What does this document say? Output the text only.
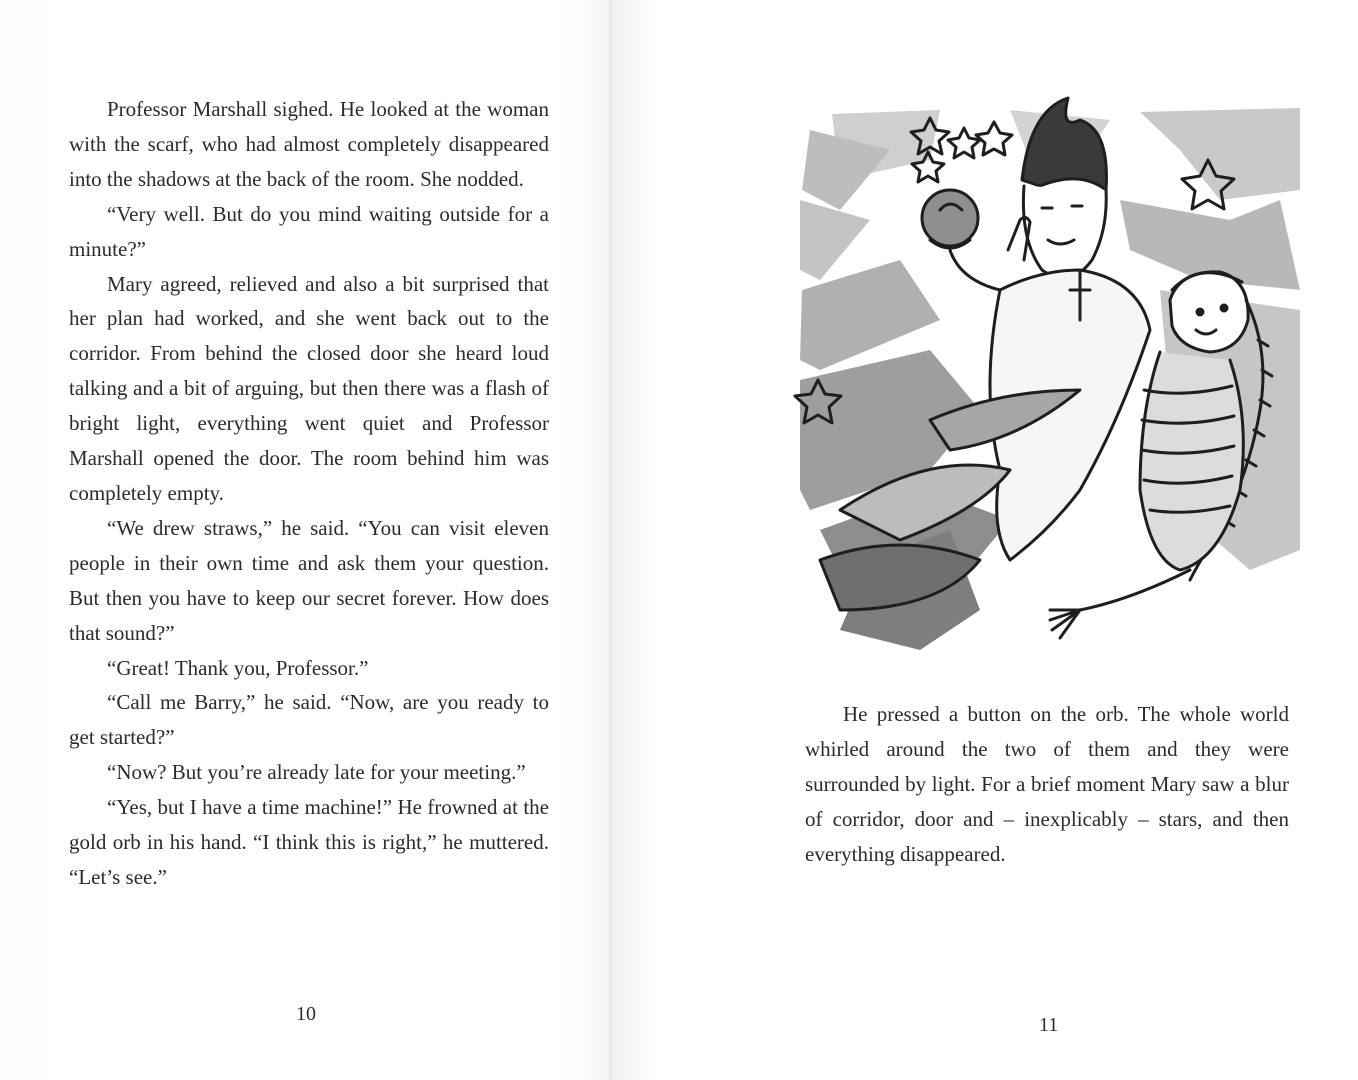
Professor Marshall sighed. He looked at the woman with the scarf, who had almost completely disappeared into the shadows at the back of the room. She nodded.

“Very well. But do you mind waiting outside for a minute?”

Mary agreed, relieved and also a bit surprised that her plan had worked, and she went back out to the corridor. From behind the closed door she heard loud talking and a bit of arguing, but then there was a flash of bright light, everything went quiet and Professor Marshall opened the door. The room behind him was completely empty.

“We drew straws,” he said. “You can visit eleven people in their own time and ask them your question. But then you have to keep our secret forever. How does that sound?”

“Great! Thank you, Professor.”

“Call me Barry,” he said. “Now, are you ready to get started?”

“Now? But you’re already late for your meeting.”

“Yes, but I have a time machine!” He frowned at the gold orb in his hand. “I think this is right,” he muttered. “Let’s see.”

10

He pressed a button on the orb. The whole world whirled around the two of them and they were surrounded by light. For a brief moment Mary saw a blur of corridor, door and – inexplicably – stars, and then everything disappeared.

11
